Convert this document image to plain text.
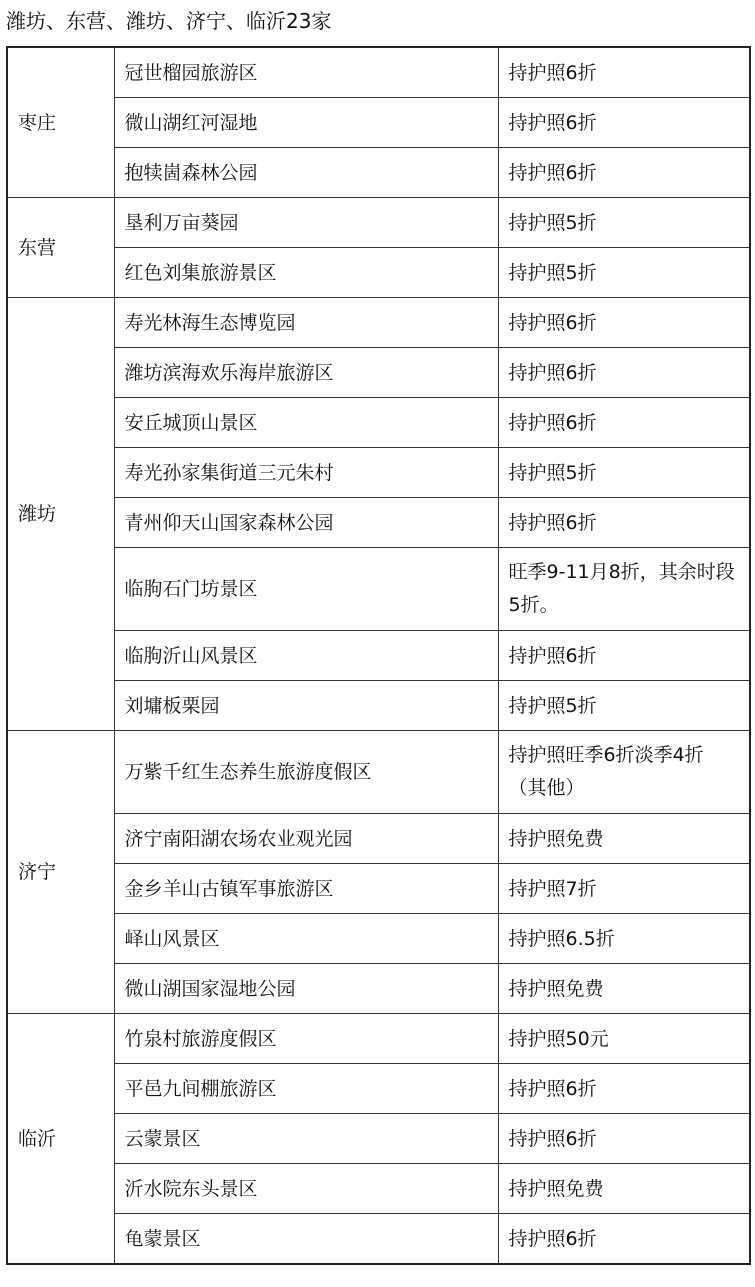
潍坊、东营、潍坊、济宁、临沂23家
枣庄	冠世榴园旅游区	持护照6折
	微山湖红河湿地	持护照6折
	抱犊崮森林公园	持护照6折
东营	垦利万亩葵园	持护照5折
	红色刘集旅游景区	持护照5折
潍坊	寿光林海生态博览园	持护照6折
	潍坊滨海欢乐海岸旅游区	持护照6折
	安丘城顶山景区	持护照6折
	寿光孙家集街道三元朱村	持护照5折
	青州仰天山国家森林公园	持护照6折
	临朐石门坊景区	旺季9-11月8折，其余时段5折。
	临朐沂山风景区	持护照6折
	刘墉板栗园	持护照5折
济宁	万紫千红生态养生旅游度假区	持护照旺季6折淡季4折（其他）
	济宁南阳湖农场农业观光园	持护照免费
	金乡羊山古镇军事旅游区	持护照7折
	峄山风景区	持护照6.5折
	微山湖国家湿地公园	持护照免费
临沂	竹泉村旅游度假区	持护照50元
	平邑九间棚旅游区	持护照6折
	云蒙景区	持护照6折
	沂水院东头景区	持护照免费
	龟蒙景区	持护照6折
